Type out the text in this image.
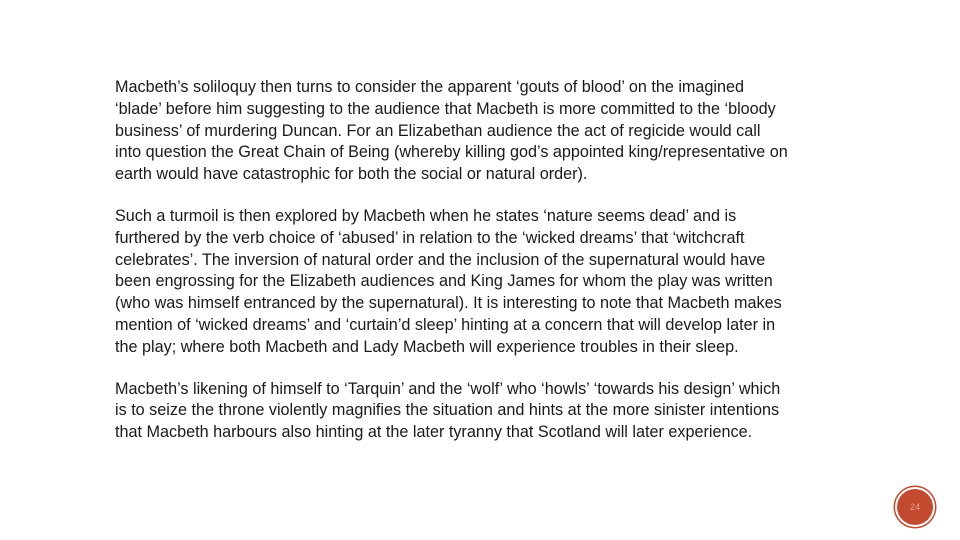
Macbeth’s soliloquy then turns to consider the apparent ‘gouts of blood’ on the imagined
‘blade’ before him suggesting to the audience that Macbeth is more committed to the ‘bloody
business’ of murdering Duncan. For an Elizabethan audience the act of regicide would call
into question the Great Chain of Being (whereby killing god’s appointed king/representative on
earth would have catastrophic for both the social or natural order).

Such a turmoil is then explored by Macbeth when he states ‘nature seems dead’ and is
furthered by the verb choice of ‘abused’ in relation to the ‘wicked dreams’ that ‘witchcraft
celebrates’. The inversion of natural order and the inclusion of the supernatural would have
been engrossing for the Elizabeth audiences and King James for whom the play was written
(who was himself entranced by the supernatural). It is interesting to note that Macbeth makes
mention of ‘wicked dreams’ and ‘curtain’d sleep’ hinting at a concern that will develop later in
the play; where both Macbeth and Lady Macbeth will experience troubles in their sleep.

Macbeth’s likening of himself to ‘Tarquin’ and the ‘wolf’ who ‘howls’ ‘towards his design’ which
is to seize the throne violently magnifies the situation and hints at the more sinister intentions
that Macbeth harbours also hinting at the later tyranny that Scotland will later experience.

24
